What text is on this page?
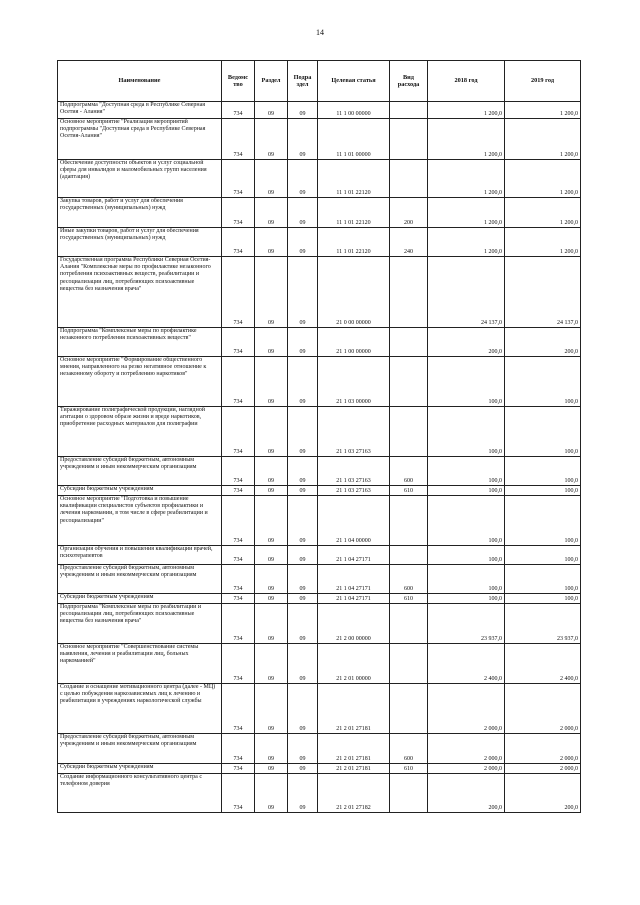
14
Наименование	Ведомс тво	Раздел	Подра здел	Целевая статья	Вид расхода	2018 год	2019 год
Подпрограмма "Доступная среда в Республике Северная Осетия - Алания"	734	09	09	11 1 00 00000		1 200,0	1 200,0
Основное мероприятие "Реализация мероприятий подпрограммы "Доступная среда в Республике Северная Осетия-Алания"	734	09	09	11 1 01 00000		1 200,0	1 200,0
Обеспечение доступности объектов и услуг социальной сферы для инвалидов и маломобильных групп населения (адаптация)	734	09	09	11 1 01 22120		1 200,0	1 200,0
Закупка товаров, работ и услуг для обеспечения государственных (муниципальных) нужд	734	09	09	11 1 01 22120	200	1 200,0	1 200,0
Иные закупки товаров, работ и услуг для обеспечения государственных (муниципальных) нужд	734	09	09	11 1 01 22120	240	1 200,0	1 200,0
Государственная программа Республики Северная Осетия-Алания "Комплексные меры по профилактике незаконного потребления психоактивных веществ, реабилитации и ресоциализации лиц, потребляющих психоактивные вещества без назначения врача"	734	09	09	21 0 00 00000		24 137,0	24 137,0
Подпрограмма "Комплексные меры по профилактике незаконного потребления психоактивных веществ"	734	09	09	21 1 00 00000		200,0	200,0
Основное мероприятие "Формирование общественного мнения, направленного на резко негативное отношение к незаконному обороту и потреблению наркотиков"	734	09	09	21 1 03 00000		100,0	100,0
Тиражирование полиграфической продукции, наглядной агитации о здоровом образе жизни и вреде наркотиков, приобретение расходных материалов для полиграфии	734	09	09	21 1 03 27163		100,0	100,0
Предоставление субсидий бюджетным, автономным учреждениям и иным некоммерческим организациям	734	09	09	21 1 03 27163	600	100,0	100,0
Субсидии бюджетным учреждениям	734	09	09	21 1 03 27163	610	100,0	100,0
Основное мероприятие "Подготовка и повышение квалификации специалистов субъектов профилактики и лечения наркомании, в том числе в сфере реабилитации и ресоциализации"	734	09	09	21 1 04 00000		100,0	100,0
Организация обучения и повышения квалификации врачей, психотерапевтов	734	09	09	21 1 04 27171		100,0	100,0
Предоставление субсидий бюджетным, автономным учреждениям и иным некоммерческим организациям	734	09	09	21 1 04 27171	600	100,0	100,0
Субсидии бюджетным учреждениям	734	09	09	21 1 04 27171	610	100,0	100,0
Подпрограмма "Комплексные меры по реабилитации и ресоциализации лиц, потребляющих психоактивные вещества без назначения врача"	734	09	09	21 2 00 00000		23 937,0	23 937,0
Основное мероприятие "Совершенствование системы выявления, лечения и реабилитации лиц, больных наркоманией"	734	09	09	21 2 01 00000		2 400,0	2 400,0
Создание и оснащение мотивационного центра (далее - МЦ) с целью побуждения наркозависимых лиц к лечению и реабилитации в учреждениях наркологической службы	734	09	09	21 2 01 27181		2 000,0	2 000,0
Предоставление субсидий бюджетным, автономным учреждениям и иным некоммерческим организациям	734	09	09	21 2 01 27181	600	2 000,0	2 000,0
Субсидии бюджетным учреждениям	734	09	09	21 2 01 27181	610	2 000,0	2 000,0
Создание информационного консультативного центра с телефоном доверия	734	09	09	21 2 01 27182		200,0	200,0
